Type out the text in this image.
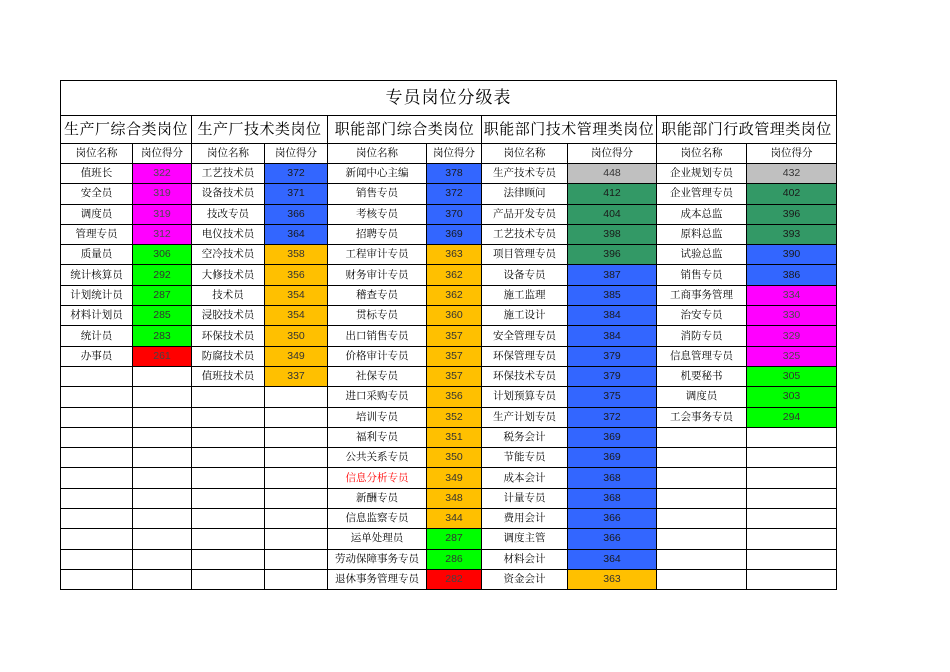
专员岗位分级表									
生产厂综合类岗位		生产厂技术类岗位		职能部门综合类岗位		职能部门技术管理类岗位		职能部门行政管理类岗位	
岗位名称	岗位得分	岗位名称	岗位得分	岗位名称	岗位得分	岗位名称	岗位得分	岗位名称	岗位得分
值班长	322	工艺技术员	372	新闻中心主编	378	生产技术专员	448	企业规划专员	432
安全员	319	设备技术员	371	销售专员	372	法律顾问	412	企业管理专员	402
调度员	319	技改专员	366	考核专员	370	产品开发专员	404	成本总监	396
管理专员	312	电仪技术员	364	招聘专员	369	工艺技术专员	398	原料总监	393
质量员	306	空冷技术员	358	工程审计专员	363	项目管理专员	396	试验总监	390
统计核算员	292	大修技术员	356	财务审计专员	362	设备专员	387	销售专员	386
计划统计员	287	技术员	354	稽查专员	362	施工监理	385	工商事务管理	334
材料计划员	285	浸胶技术员	354	贯标专员	360	施工设计	384	治安专员	330
统计员	283	环保技术员	350	出口销售专员	357	安全管理专员	384	消防专员	329
办事员	261	防腐技术员	349	价格审计专员	357	环保管理专员	379	信息管理专员	325
		值班技术员	337	社保专员	357	环保技术专员	379	机要秘书	305
				进口采购专员	356	计划预算专员	375	调度员	303
				培训专员	352	生产计划专员	372	工会事务专员	294
				福利专员	351	税务会计	369		
				公共关系专员	350	节能专员	369		
				信息分析专员	349	成本会计	368		
				新酬专员	348	计量专员	368		
				信息监察专员	344	费用会计	366		
				运单处理员	287	调度主管	366		
				劳动保障事务专员	286	材料会计	364		
				退休事务管理专员	282	资金会计	363		
